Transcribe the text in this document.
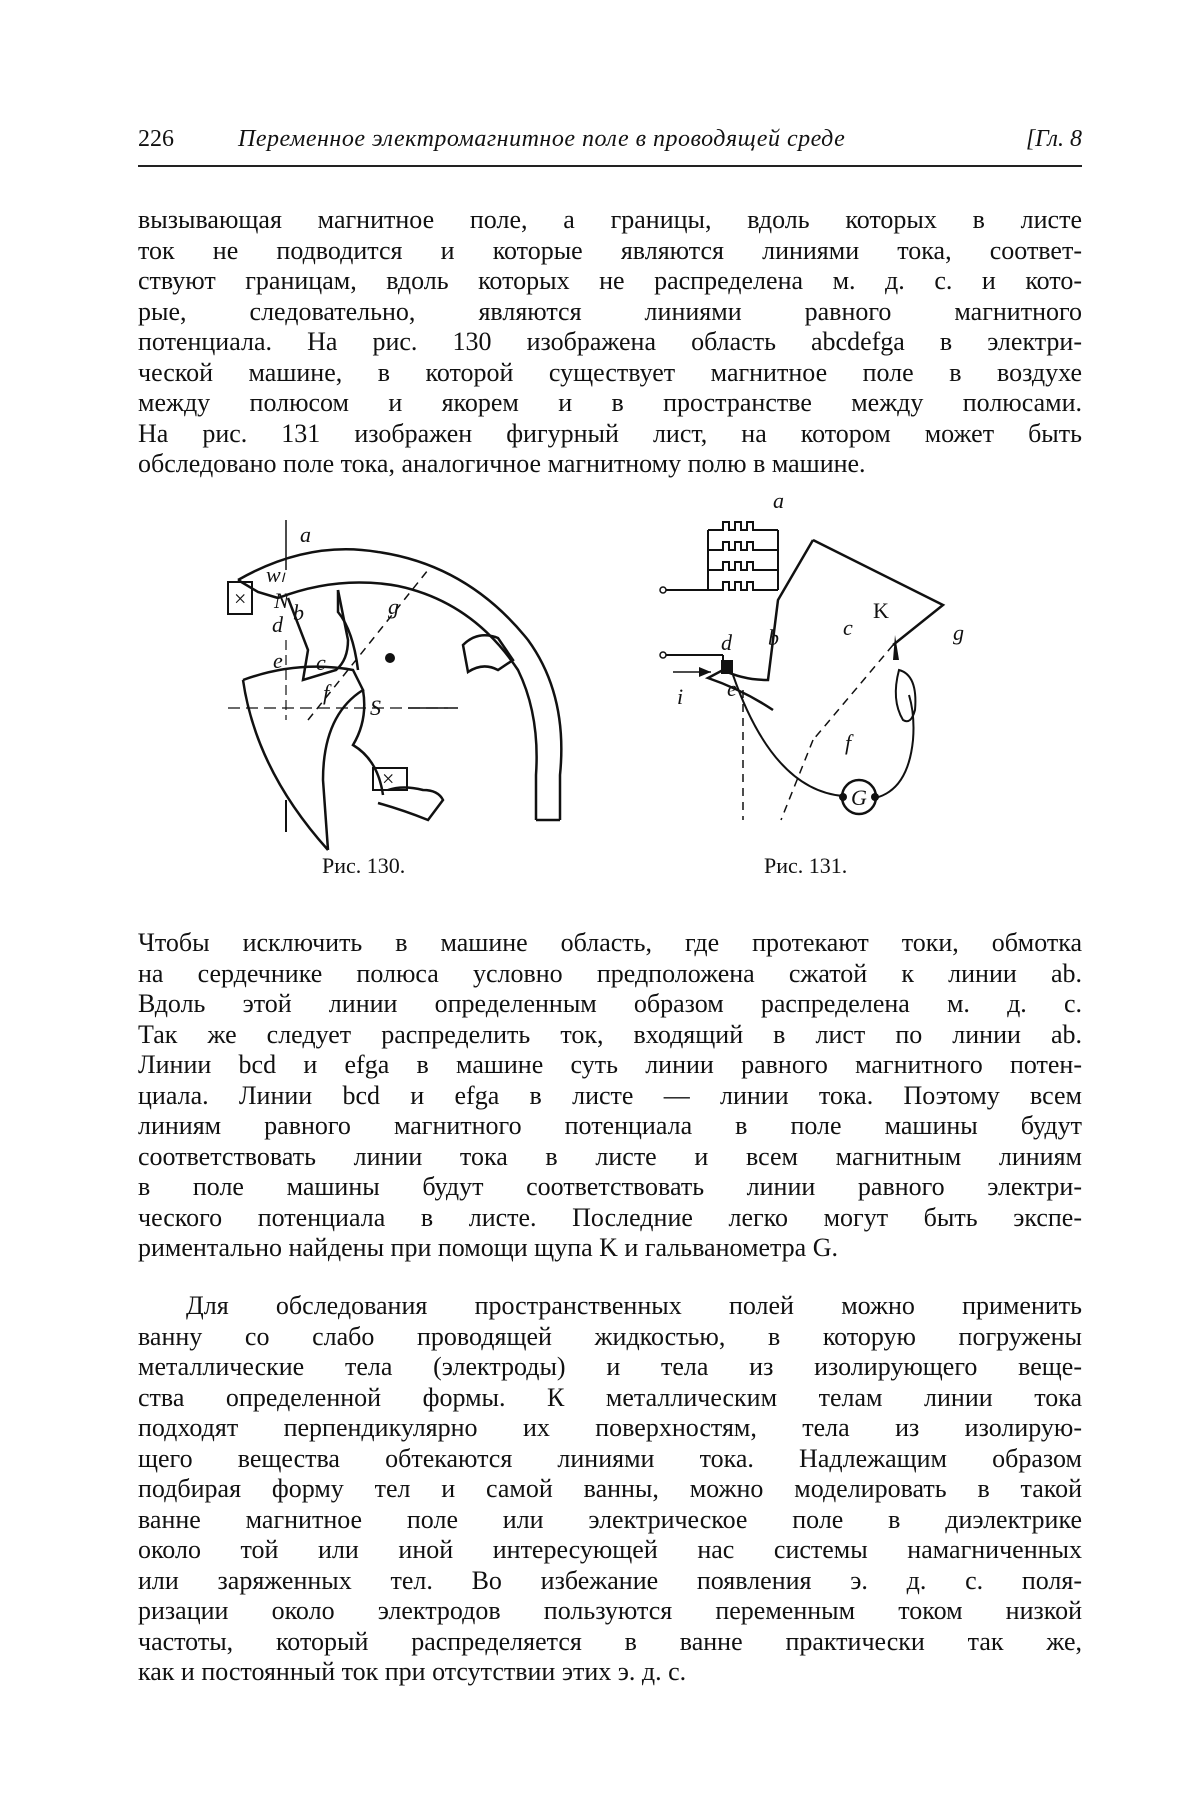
226	Переменное электромагнитное поле в проводящей среде	[Гл. 8
вызывающая магнитное поле, а границы, вдоль которых в листе
ток не подводится и которые являются линиями тока, соответ-
ствуют границам, вдоль которых не распределена м. д. с. и кото-
рые, следовательно, являются линиями равного магнитного
потенциала. На рис. 130 изображена область abcdefga в электри-
ческой машине, в которой существует магнитное поле в воздухе
между полюсом и якорем и в пространстве между полюсами.
На рис. 131 изображен фигурный лист, на котором может быть
обследовано поле тока, аналогичное магнитному полю в машине.
×
×
a
wₗ
N b
d
e c
f
g
S
Рис. 130.
a
b	c
d
e
f
g
K
G
i
Рис. 131.
Чтобы исключить в машине область, где протекают токи, обмотка
на сердечнике полюса условно предположена сжатой к линии ab.
Вдоль этой линии определенным образом распределена м. д. с.
Так же следует распределить ток, входящий в лист по линии ab.
Линии bcd и efga в машине суть линии равного магнитного потен-
циала. Линии bcd и efga в листе — линии тока. Поэтому всем
линиям равного магнитного потенциала в поле машины будут
соответствовать линии тока в листе и всем магнитным линиям
в поле машины будут соответствовать линии равного электри-
ческого потенциала в листе. Последние легко могут быть экспе-
риментально найдены при помощи щупа K и гальванометра G.
Для обследования пространственных полей можно применить
ванну со слабо проводящей жидкостью, в которую погружены
металлические тела (электроды) и тела из изолирующего веще-
ства определенной формы. К металлическим телам линии тока
подходят перпендикулярно их поверхностям, тела из изолирую-
щего вещества обтекаются линиями тока. Надлежащим образом
подбирая форму тел и самой ванны, можно моделировать в такой
ванне магнитное поле или электрическое поле в диэлектрике
около той или иной интересующей нас системы намагниченных
или заряженных тел. Во избежание появления э. д. с. поля-
ризации около электродов пользуются переменным током низкой
частоты, который распределяется в ванне практически так же,
как и постоянный ток при отсутствии этих э. д. с.
